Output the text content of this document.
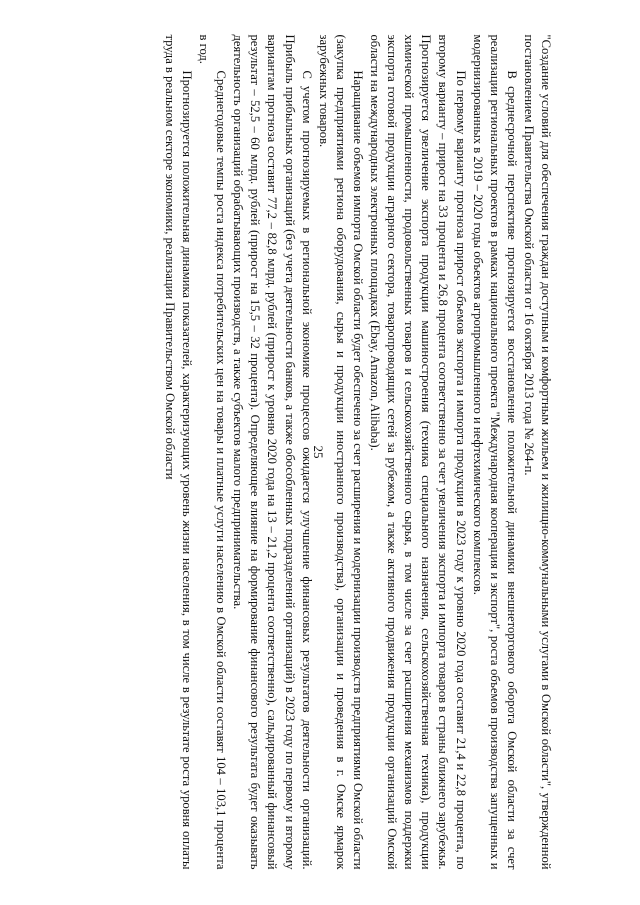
25	"Создание условий для обеспечения граждан доступным и комфортным жильем и жилищно-коммунальными услугами в Омской области", утвержденной постановлением Правительства Омской области от 16 октября 2013 года № 264-п.

В среднесрочной перспективе прогнозируется восстановление положительной динамики внешнеторгового оборота Омской области за счет реализации региональных проектов в рамках национального проекта "Международная кооперация и экспорт", роста объемов производства запущенных и модернизированных в 2019 – 2020 годы объектов агропромышленного и нефтехимического комплексов.

По первому варианту прогноза прирост объемов экспорта и импорта продукции в 2023 году к уровню 2020 года составит 21,4 и 22,8 процента, по второму варианту – прирост на 33 процента и 26,8 процента соответственно за счет увеличения экспорта и импорта товаров в страны ближнего зарубежья. Прогнозируется увеличение экспорта продукции машиностроения (техника специального назначения, сельскохозяйственная техника), продукции химической промышленности, продовольственных товаров и сельскохозяйственного сырья, в том числе за счет расширения механизмов поддержки экспорта готовой продукции аграрного сектора, товаропроводящих сетей за рубежом, а также активного продвижения продукции организаций Омской области на международных электронных площадках (Ebay, Amazon, Alibaba).

Наращивание объемов импорта Омской области будет обеспечено за счет расширения и модернизации производств предприятиями Омской области (закупка предприятиями региона оборудования, сырья и продукции иностранного производства), организации и проведения в г. Омске ярмарок зарубежных товаров.

С учетом прогнозируемых в региональной экономике процессов ожидается улучшение финансовых результатов деятельности организаций. Прибыль прибыльных организаций (без учета деятельности банков, а также обособленных подразделений организаций) в 2023 году по первому и второму вариантам прогноза составит 77,2 – 82,8 млрд. рублей (прирост к уровню 2020 года на 13 – 21,2 процента соответственно), сальдированный финансовый результат – 52,5 – 60 млрд. рублей (прирост на 15,5 – 32 процента). Определяющее влияние на формирование финансового результата будет оказывать деятельность организаций обрабатывающих производств, а также субъектов малого предпринимательства.

Среднегодовые темпы роста индекса потребительских цен на товары и платные услуги населению в Омской области составят 104 – 103,1 процента в год.

Прогнозируется положительная динамика показателей, характеризующих уровень жизни населения, в том числе в результате роста уровня оплаты труда в реальном секторе экономики, реализации Правительством Омской области
